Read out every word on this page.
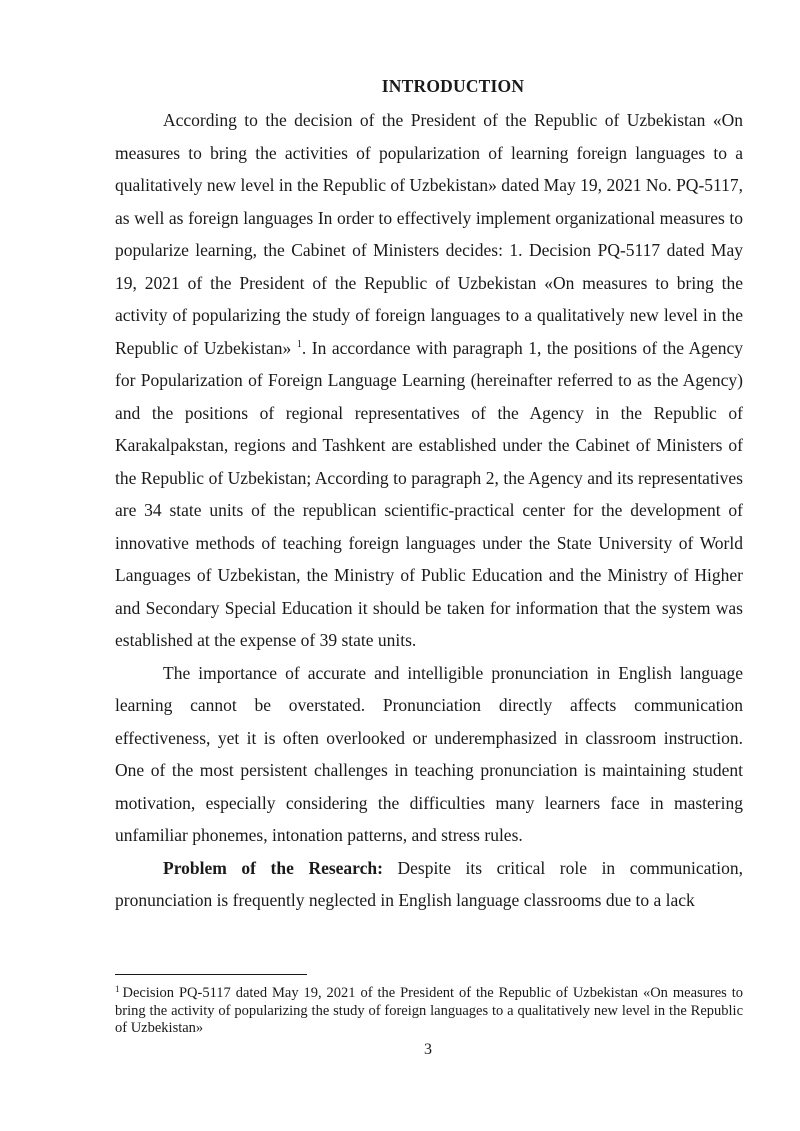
INTRODUCTION

According to the decision of the President of the Republic of Uzbekistan «On measures to bring the activities of popularization of learning foreign languages to a qualitatively new level in the Republic of Uzbekistan» dated May 19, 2021 No. PQ-5117, as well as foreign languages In order to effectively implement organizational measures to popularize learning, the Cabinet of Ministers decides: 1. Decision PQ-5117 dated May 19, 2021 of the President of the Republic of Uzbekistan «On measures to bring the activity of popularizing the study of foreign languages to a qualitatively new level in the Republic of Uzbekistan» $^1$. In accordance with paragraph 1, the positions of the Agency for Popularization of Foreign Language Learning (hereinafter referred to as the Agency) and the positions of regional representatives of the Agency in the Republic of Karakalpakstan, regions and Tashkent are established under the Cabinet of Ministers of the Republic of Uzbekistan; According to paragraph 2, the Agency and its representatives are 34 state units of the republican scientific-practical center for the development of innovative methods of teaching foreign languages under the State University of World Languages of Uzbekistan, the Ministry of Public Education and the Ministry of Higher and Secondary Special Education it should be taken for information that the system was established at the expense of 39 state units.

The importance of accurate and intelligible pronunciation in English language learning cannot be overstated. Pronunciation directly affects communication effectiveness, yet it is often overlooked or underemphasized in classroom instruction. One of the most persistent challenges in teaching pronunciation is maintaining student motivation, especially considering the difficulties many learners face in mastering unfamiliar phonemes, intonation patterns, and stress rules.

Problem of the Research: Despite its critical role in communication, pronunciation is frequently neglected in English language classrooms due to a lack

$^1$ Decision PQ-5117 dated May 19, 2021 of the President of the Republic of Uzbekistan «On measures to bring the activity of popularizing the study of foreign languages to a qualitatively new level in the Republic of Uzbekistan»
3
